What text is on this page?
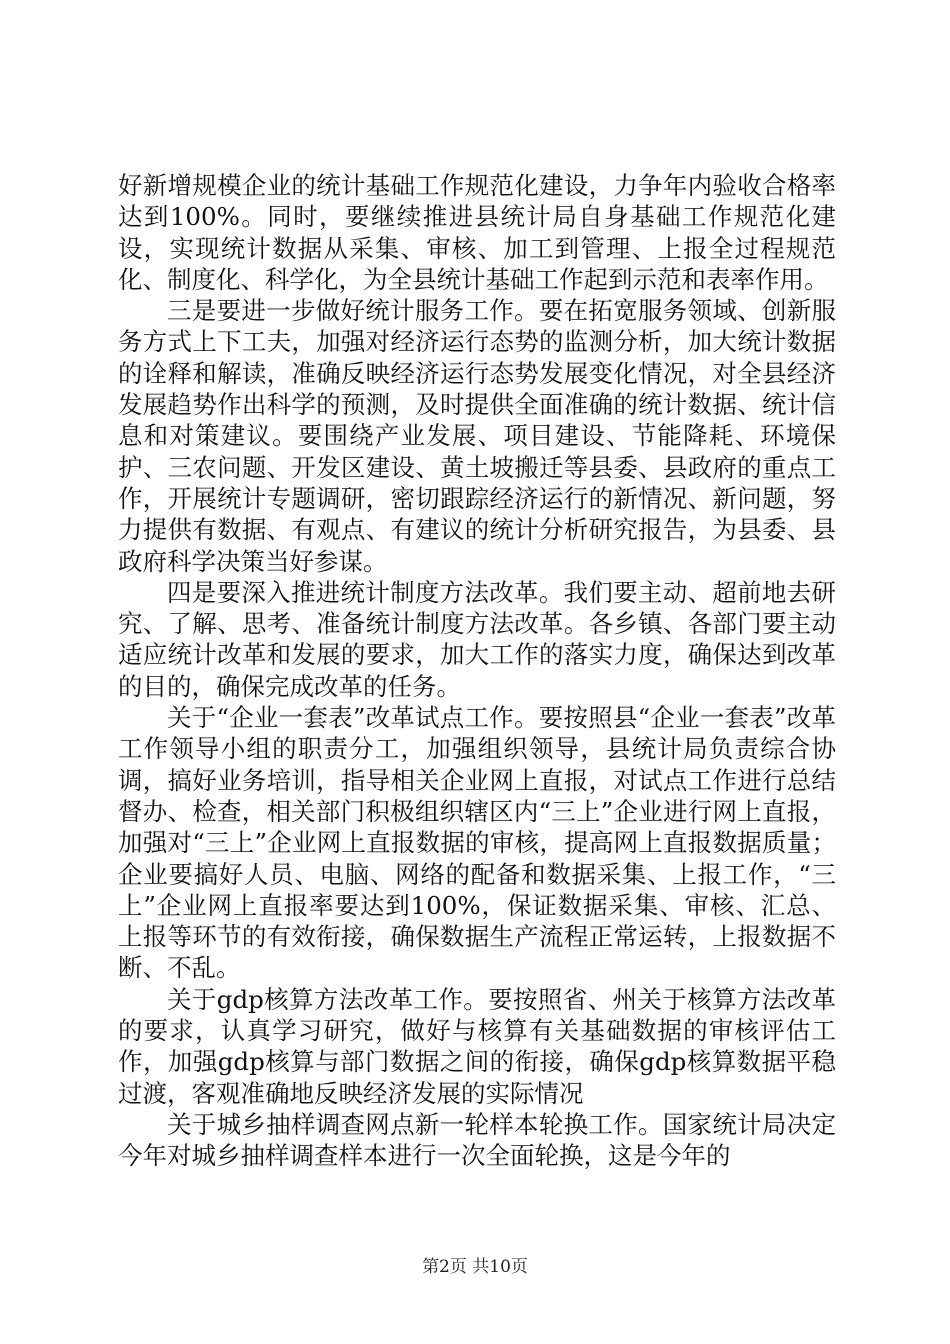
好新增规模企业的统计基础工作规范化建设，力争年内验收合格率达到100%。同时，要继续推进县统计局自身基础工作规范化建设，实现统计数据从采集、审核、加工到管理、上报全过程规范化、制度化、科学化，为全县统计基础工作起到示范和表率作用。

三是要进一步做好统计服务工作。要在拓宽服务领域、创新服务方式上下工夫，加强对经济运行态势的监测分析，加大统计数据的诠释和解读，准确反映经济运行态势发展变化情况，对全县经济发展趋势作出科学的预测，及时提供全面准确的统计数据、统计信息和对策建议。要围绕产业发展、项目建设、节能降耗、环境保护、三农问题、开发区建设、黄土坡搬迁等县委、县政府的重点工作，开展统计专题调研，密切跟踪经济运行的新情况、新问题，努力提供有数据、有观点、有建议的统计分析研究报告，为县委、县政府科学决策当好参谋。

四是要深入推进统计制度方法改革。我们要主动、超前地去研究、了解、思考、准备统计制度方法改革。各乡镇、各部门要主动适应统计改革和发展的要求，加大工作的落实力度，确保达到改革的目的，确保完成改革的任务。

关于“企业一套表”改革试点工作。要按照县“企业一套表”改革工作领导小组的职责分工，加强组织领导，县统计局负责综合协调，搞好业务培训，指导相关企业网上直报，对试点工作进行总结督办、检查，相关部门积极组织辖区内“三上”企业进行网上直报，加强对“三上”企业网上直报数据的审核，提高网上直报数据质量；企业要搞好人员、电脑、网络的配备和数据采集、上报工作，“三上”企业网上直报率要达到100%，保证数据采集、审核、汇总、上报等环节的有效衔接，确保数据生产流程正常运转，上报数据不断、不乱。

关于gdp核算方法改革工作。要按照省、州关于核算方法改革的要求，认真学习研究，做好与核算有关基础数据的审核评估工作，加强gdp核算与部门数据之间的衔接，确保gdp核算数据平稳过渡，客观准确地反映经济发展的实际情况

关于城乡抽样调查网点新一轮样本轮换工作。国家统计局决定今年对城乡抽样调查样本进行一次全面轮换，这是今年的

第2页 共10页
